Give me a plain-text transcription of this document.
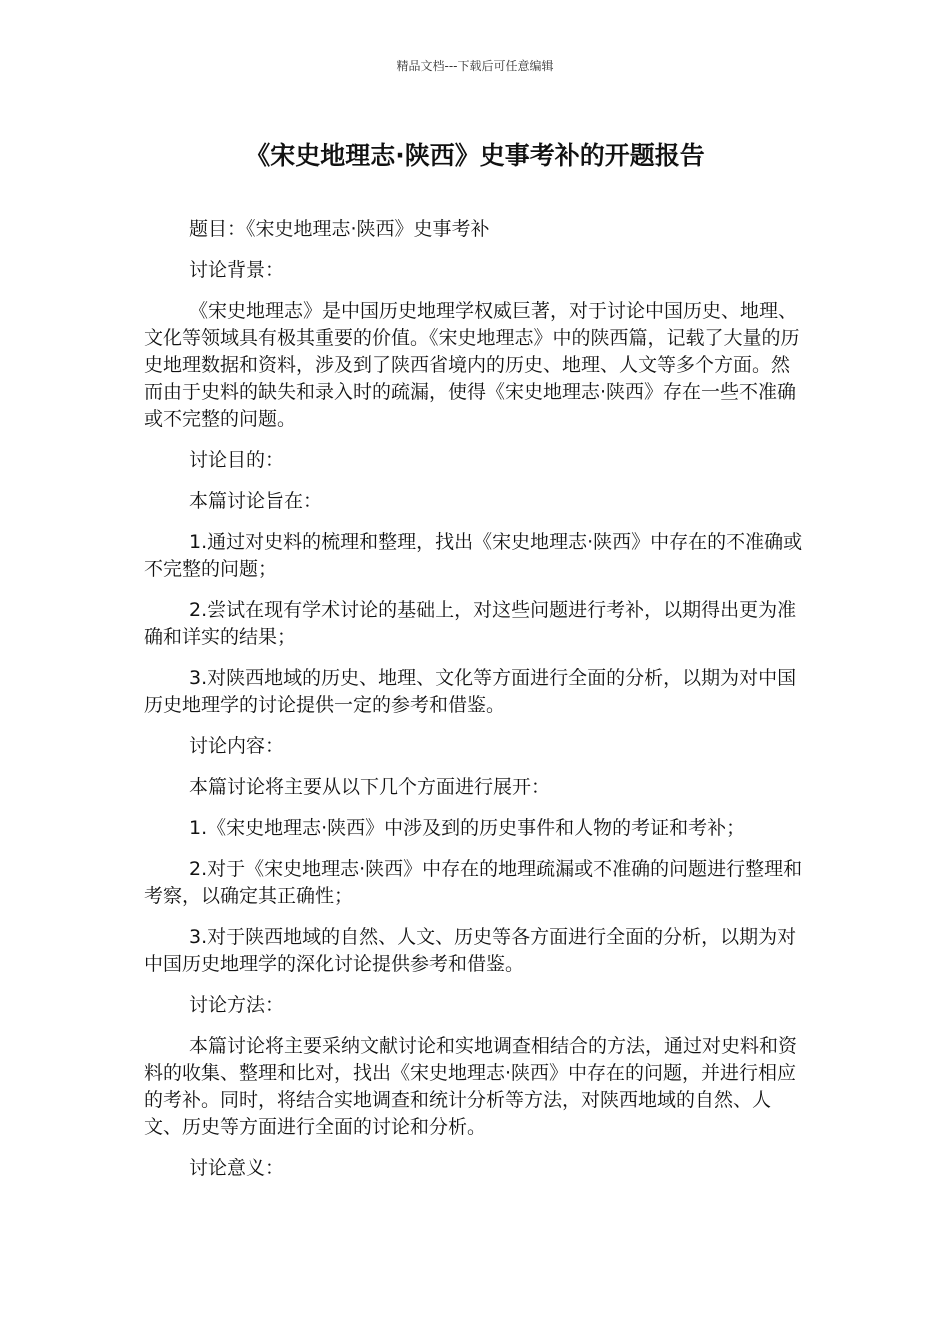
精品文档---下载后可任意编辑
《宋史地理志·陕西》史事考补的开题报告

题目：《宋史地理志·陕西》史事考补

讨论背景：

《宋史地理志》是中国历史地理学权威巨著，对于讨论中国历史、地理、文化等领域具有极其重要的价值。《宋史地理志》中的陕西篇，记载了大量的历史地理数据和资料，涉及到了陕西省境内的历史、地理、人文等多个方面。然而由于史料的缺失和录入时的疏漏，使得《宋史地理志·陕西》存在一些不准确或不完整的问题。

讨论目的：

本篇讨论旨在：

1.通过对史料的梳理和整理，找出《宋史地理志·陕西》中存在的不准确或不完整的问题；

2.尝试在现有学术讨论的基础上，对这些问题进行考补，以期得出更为准确和详实的结果；

3.对陕西地域的历史、地理、文化等方面进行全面的分析，以期为对中国历史地理学的讨论提供一定的参考和借鉴。

讨论内容：

本篇讨论将主要从以下几个方面进行展开：

1.《宋史地理志·陕西》中涉及到的历史事件和人物的考证和考补；

2.对于《宋史地理志·陕西》中存在的地理疏漏或不准确的问题进行整理和考察，以确定其正确性；

3.对于陕西地域的自然、人文、历史等各方面进行全面的分析，以期为对中国历史地理学的深化讨论提供参考和借鉴。

讨论方法：

本篇讨论将主要采纳文献讨论和实地调查相结合的方法，通过对史料和资料的收集、整理和比对，找出《宋史地理志·陕西》中存在的问题，并进行相应的考补。同时，将结合实地调查和统计分析等方法，对陕西地域的自然、人文、历史等方面进行全面的讨论和分析。

讨论意义：
